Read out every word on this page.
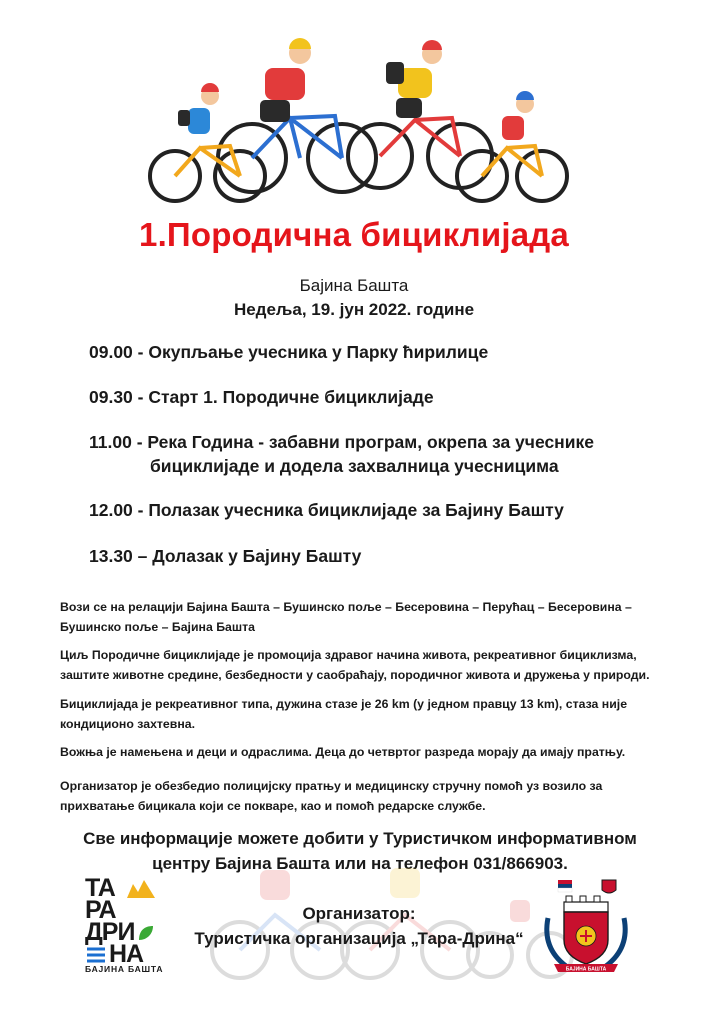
1.Породична бициклијада
Бајина Башта
Недеља, 19. јун 2022. године
09.00 - Окупљање учесника у Парку ћирилице
09.30 - Старт 1. Породичне бициклијаде
11.00 - Река Година - забавни програм, окрепа за учеснике
бициклијаде и додела захвалница учесницима
12.00 - Полазак учесника бициклијаде за Бајину Башту
13.30 – Долазак у Бајину Башту
Вози се на релацији Бајина Башта – Бушинско поље – Бесеровина – Перућац – Бесеровина –
Бушинско поље – Бајина Башта
Циљ Породичне бициклијаде је промоција здравог начина живота, рекреативног бициклизма,
заштите животне средине, безбедности у саобраћају, породичног живота и дружења у природи.
Бициклијада је рекреативног типа, дужина стазе је 26 km (у једном правцу 13 km), стаза није
кондиционо захтевна.
Вожња је намењена и деци и одраслима. Деца до четвртог разреда морају да имају пратњу.
Организатор је обезбедио полицијску пратњу и медицинску стручну помоћ уз возило за
прихватање бицикала који се покваре, као и помоћ редарске службе.
Све информације можете добити у Туристичком информативном
центру Бајина Башта или на телефон 031/866903.
ТА
РА
ДРИ
НА
БАЈИНА БАШТА
Организатор:
Туристичка организација „Тара-Дрина“
БАЈИНА БАШТА
